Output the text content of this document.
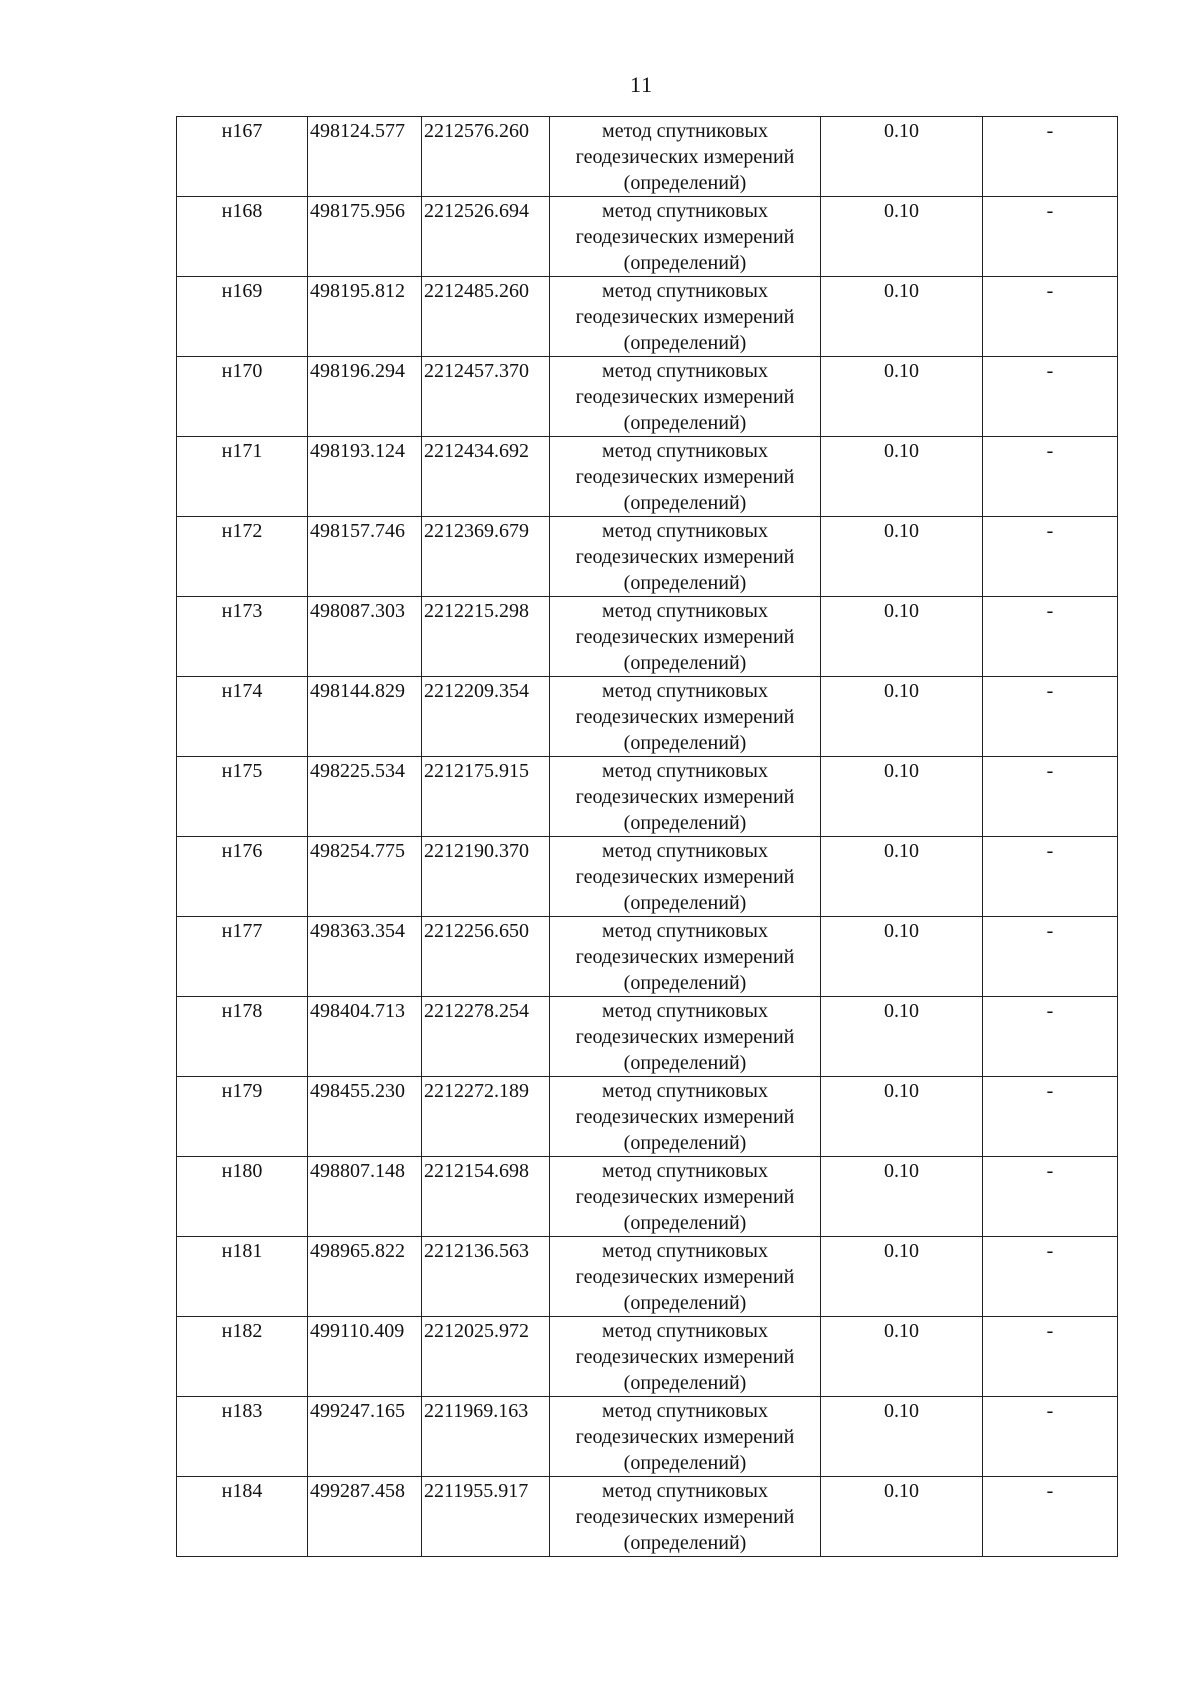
11
н167	498124.577	2212576.260	метод спутниковых
геодезических измерений
(определений)	0.10	-
н168	498175.956	2212526.694	метод спутниковых
геодезических измерений
(определений)	0.10	-
н169	498195.812	2212485.260	метод спутниковых
геодезических измерений
(определений)	0.10	-
н170	498196.294	2212457.370	метод спутниковых
геодезических измерений
(определений)	0.10	-
н171	498193.124	2212434.692	метод спутниковых
геодезических измерений
(определений)	0.10	-
н172	498157.746	2212369.679	метод спутниковых
геодезических измерений
(определений)	0.10	-
н173	498087.303	2212215.298	метод спутниковых
геодезических измерений
(определений)	0.10	-
н174	498144.829	2212209.354	метод спутниковых
геодезических измерений
(определений)	0.10	-
н175	498225.534	2212175.915	метод спутниковых
геодезических измерений
(определений)	0.10	-
н176	498254.775	2212190.370	метод спутниковых
геодезических измерений
(определений)	0.10	-
н177	498363.354	2212256.650	метод спутниковых
геодезических измерений
(определений)	0.10	-
н178	498404.713	2212278.254	метод спутниковых
геодезических измерений
(определений)	0.10	-
н179	498455.230	2212272.189	метод спутниковых
геодезических измерений
(определений)	0.10	-
н180	498807.148	2212154.698	метод спутниковых
геодезических измерений
(определений)	0.10	-
н181	498965.822	2212136.563	метод спутниковых
геодезических измерений
(определений)	0.10	-
н182	499110.409	2212025.972	метод спутниковых
геодезических измерений
(определений)	0.10	-
н183	499247.165	2211969.163	метод спутниковых
геодезических измерений
(определений)	0.10	-
н184	499287.458	2211955.917	метод спутниковых
геодезических измерений
(определений)	0.10	-
